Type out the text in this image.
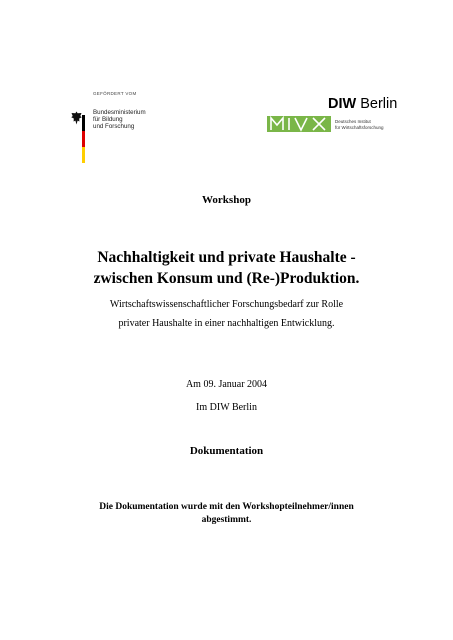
GEFÖRDERT VOM
Bundesministerium
für Bildung
und Forschung
DIW Berlin
Deutsches Institut
für Wirtschaftsforschung
Workshop
Nachhaltigkeit und private Haushalte -
zwischen Konsum und (Re-)Produktion.
Wirtschaftswissenschaftlicher Forschungsbedarf zur Rolle
privater Haushalte in einer nachhaltigen Entwicklung.
Am 09. Januar 2004
Im DIW Berlin
Dokumentation
Die Dokumentation wurde mit den Workshopteilnehmer/innen
abgestimmt.
